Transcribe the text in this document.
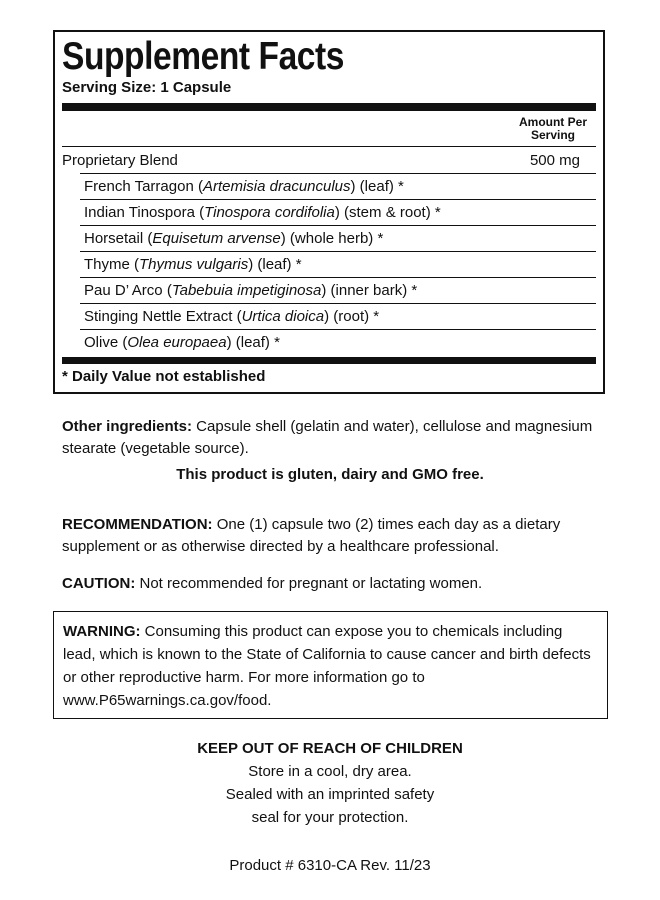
Supplement Facts
Serving Size: 1 Capsule
Amount Per
Serving
Proprietary Blend	500 mg
French Tarragon (Artemisia dracunculus) (leaf) *
Indian Tinospora (Tinospora cordifolia) (stem & root) *
Horsetail (Equisetum arvense) (whole herb) *
Thyme (Thymus vulgaris) (leaf) *
Pau D’ Arco (Tabebuia impetiginosa) (inner bark) *
Stinging Nettle Extract (Urtica dioica) (root) *
Olive (Olea europaea) (leaf) *
* Daily Value not established
Other ingredients: Capsule shell (gelatin and water), cellulose and magnesium stearate (vegetable source).
This product is gluten, dairy and GMO free.
RECOMMENDATION: One (1) capsule two (2) times each day as a dietary supplement or as otherwise directed by a healthcare professional.
CAUTION: Not recommended for pregnant or lactating women.
WARNING: Consuming this product can expose you to chemicals including lead, which is known to the State of California to cause cancer and birth defects or other reproductive harm. For more information go to www.P65warnings.ca.gov/food.
KEEP OUT OF REACH OF CHILDREN
Store in a cool, dry area.
Sealed with an imprinted safety
seal for your protection.
Product # 6310-CA Rev. 11/23
